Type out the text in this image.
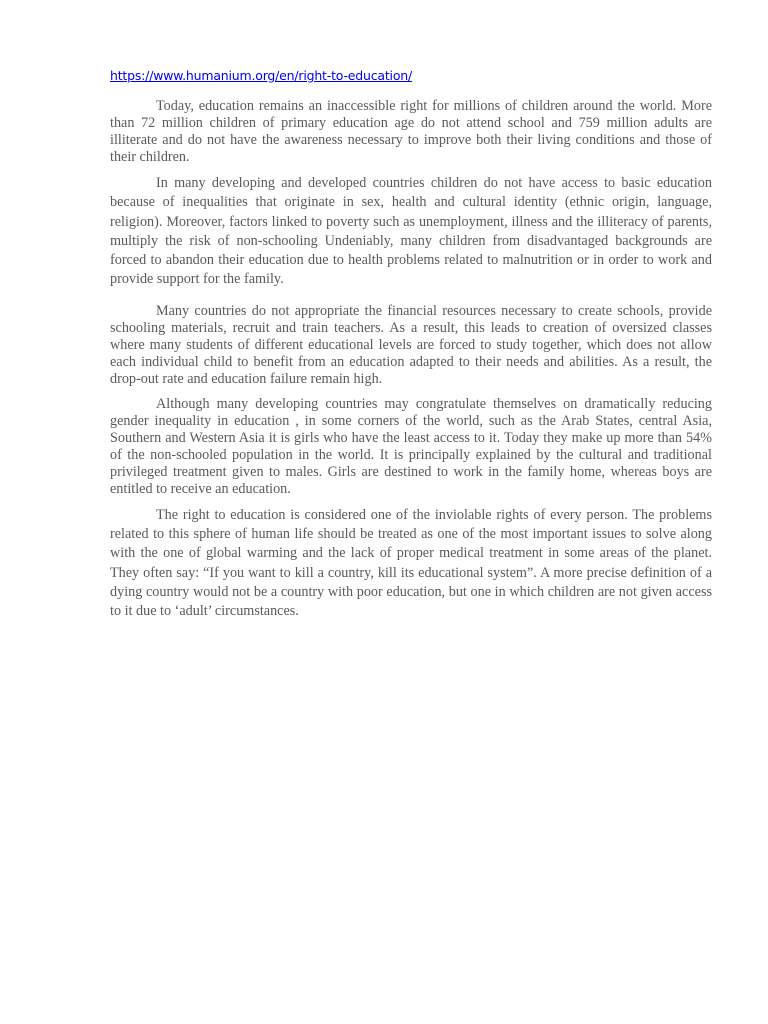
https://www.humanium.org/en/right-to-education/

Today, education remains an inaccessible right for millions of children around the world. More than 72 million children of primary education age do not attend school and 759 million adults are illiterate and do not have the awareness necessary to improve both their living conditions and those of their children.

In many developing and developed countries children do not have access to basic education because of inequalities that originate in sex, health and cultural identity (ethnic origin, language, religion). Moreover, factors linked to poverty such as unemployment, illness and the illiteracy of parents, multiply the risk of non-schooling Undeniably, many children from disadvantaged backgrounds are forced to abandon their education due to health problems related to malnutrition or in order to work and provide support for the family.

Many countries do not appropriate the financial resources necessary to create schools, provide schooling materials, recruit and train teachers. As a result, this leads to creation of oversized classes where many students of different educational levels are forced to study together, which does not allow each individual child to benefit from an education adapted to their needs and abilities. As a result, the drop-out rate and education failure remain high.

Although many developing countries may congratulate themselves on dramatically reducing gender inequality in education , in some corners of the world, such as the Arab States, central Asia, Southern and Western Asia it is girls who have the least access to it. Today they make up more than 54% of the non-schooled population in the world. It is principally explained by the cultural and traditional privileged treatment given to males. Girls are destined to work in the family home, whereas boys are entitled to receive an education.

The right to education is considered one of the inviolable rights of every person. The problems related to this sphere of human life should be treated as one of the most important issues to solve along with the one of global warming and the lack of proper medical treatment in some areas of the planet. They often say: “If you want to kill a country, kill its educational system”. A more precise definition of a dying country would not be a country with poor education, but one in which children are not given access to it due to ‘adult’ circumstances.
